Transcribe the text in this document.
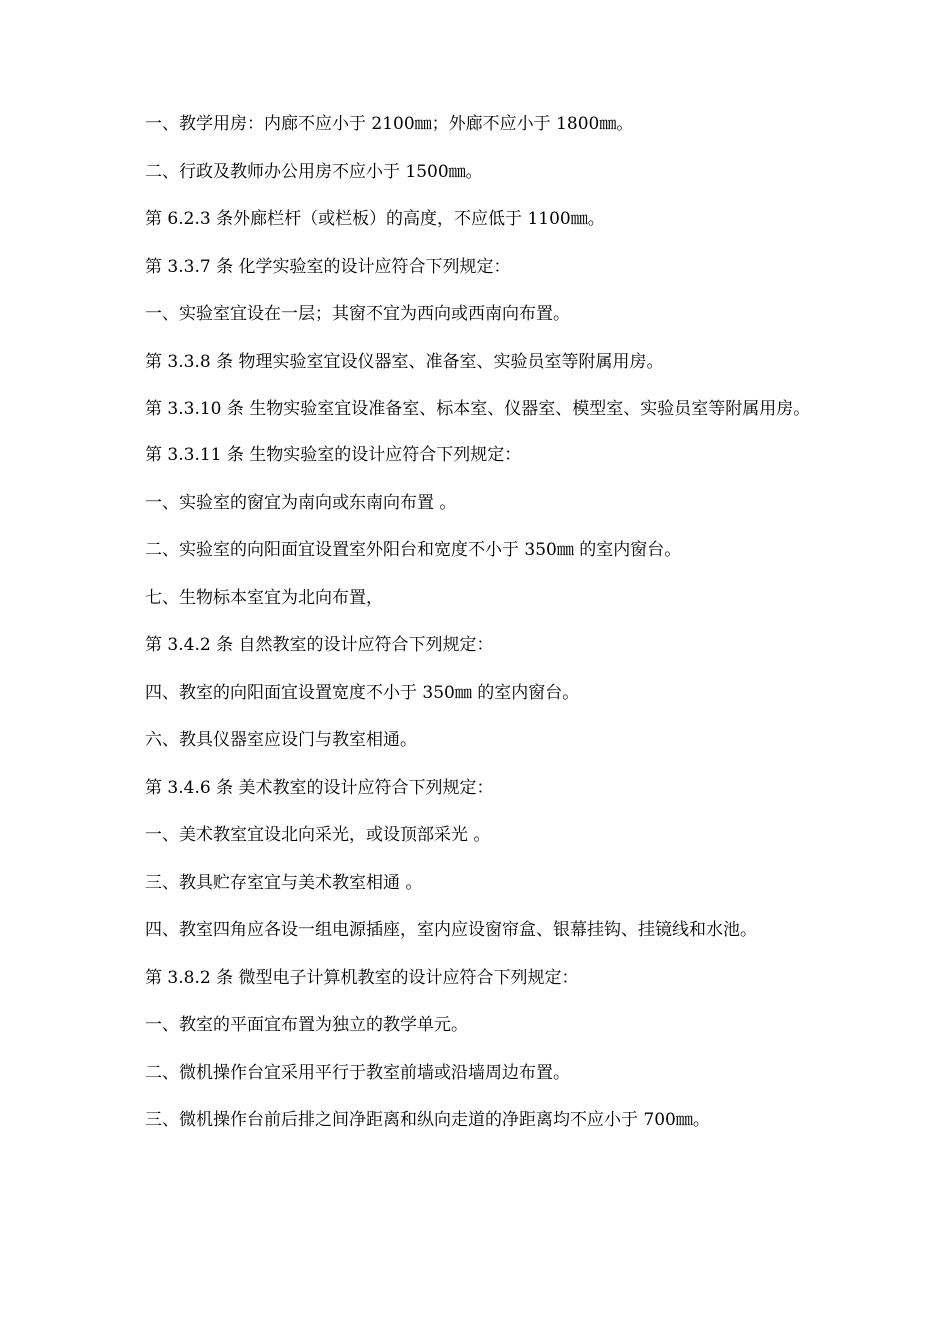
一、教学用房：内廊不应小于 2100㎜；外廊不应小于 1800㎜。

二、行政及教师办公用房不应小于 1500㎜。

第 6.2.3 条外廊栏杆（或栏板）的高度，不应低于 1100㎜。

第 3.3.7 条 化学实验室的设计应符合下列规定：

一、实验室宜设在一层；其窗不宜为西向或西南向布置。

第 3.3.8 条 物理实验室宜设仪器室、准备室、实验员室等附属用房。

第 3.3.10 条 生物实验室宜设准备室、标本室、仪器室、模型室、实验员室等附属用房。

第 3.3.11 条 生物实验室的设计应符合下列规定：

一、实验室的窗宜为南向或东南向布置 。

二、实验室的向阳面宜设置室外阳台和宽度不小于 350㎜ 的室内窗台。

七、生物标本室宜为北向布置，

第 3.4.2 条 自然教室的设计应符合下列规定：

四、教室的向阳面宜设置宽度不小于 350㎜ 的室内窗台。

六、教具仪器室应设门与教室相通。

第 3.4.6 条 美术教室的设计应符合下列规定：

一、美术教室宜设北向采光，或设顶部采光 。

三、教具贮存室宜与美术教室相通 。

四、教室四角应各设一组电源插座，室内应设窗帘盒、银幕挂钩、挂镜线和水池。

第 3.8.2 条 微型电子计算机教室的设计应符合下列规定：

一、教室的平面宜布置为独立的教学单元。

二、微机操作台宜采用平行于教室前墙或沿墙周边布置。

三、微机操作台前后排之间净距离和纵向走道的净距离均不应小于 700㎜。
